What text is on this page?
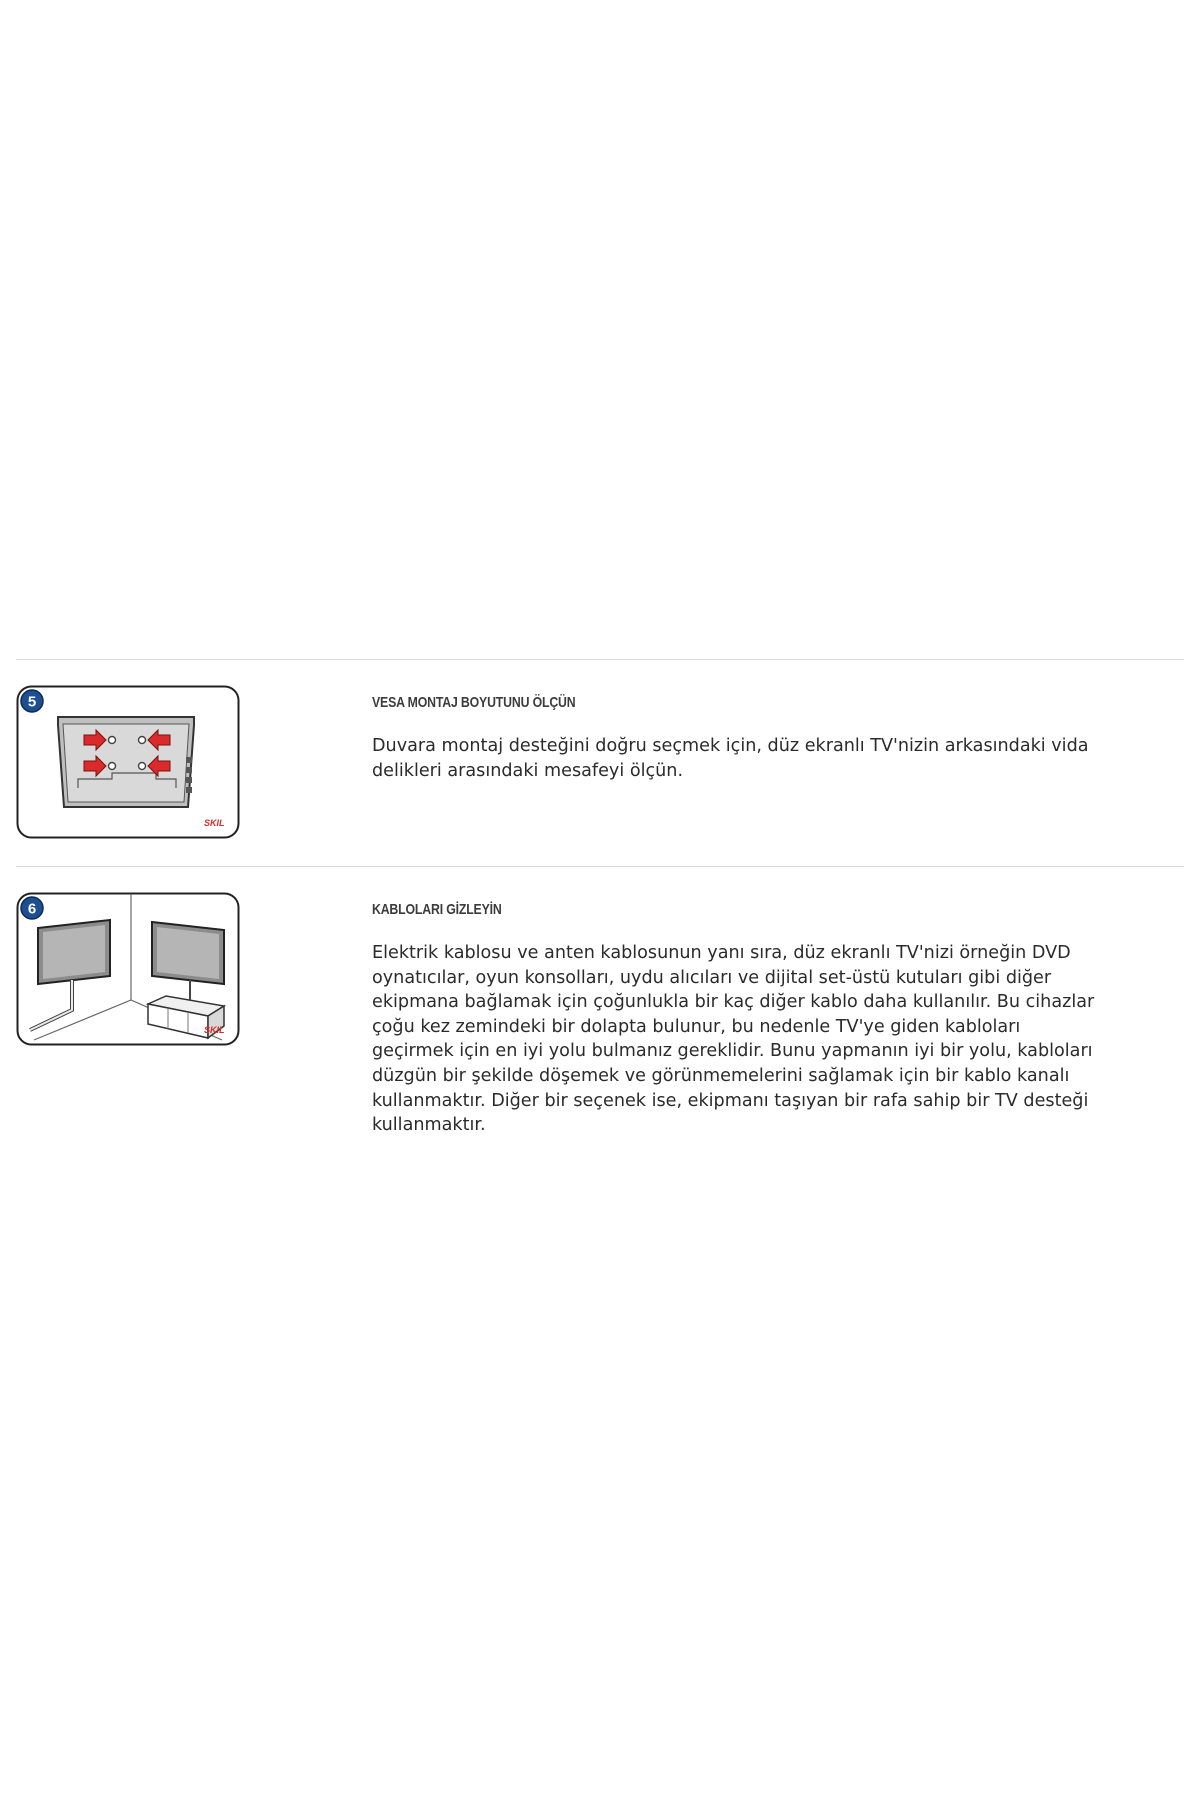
5
SKIL
VESA MONTAJ BOYUTUNU ÖLÇÜN

Duvara montaj desteğini doğru seçmek için, düz ekranlı TV'nizin arkasındaki vida delikleri arasındaki mesafeyi ölçün.

6
SKIL
KABLOLARI GİZLEYİN

Elektrik kablosu ve anten kablosunun yanı sıra, düz ekranlı TV'nizi örneğin DVD oynatıcılar, oyun konsolları, uydu alıcıları ve dijital set-üstü kutuları gibi diğer ekipmana bağlamak için çoğunlukla bir kaç diğer kablo daha kullanılır. Bu cihazlar çoğu kez zemindeki bir dolapta bulunur, bu nedenle TV'ye giden kabloları geçirmek için en iyi yolu bulmanız gereklidir. Bunu yapmanın iyi bir yolu, kabloları düzgün bir şekilde döşemek ve görünmemelerini sağlamak için bir kablo kanalı kullanmaktır. Diğer bir seçenek ise, ekipmanı taşıyan bir rafa sahip bir TV desteği kullanmaktır.
